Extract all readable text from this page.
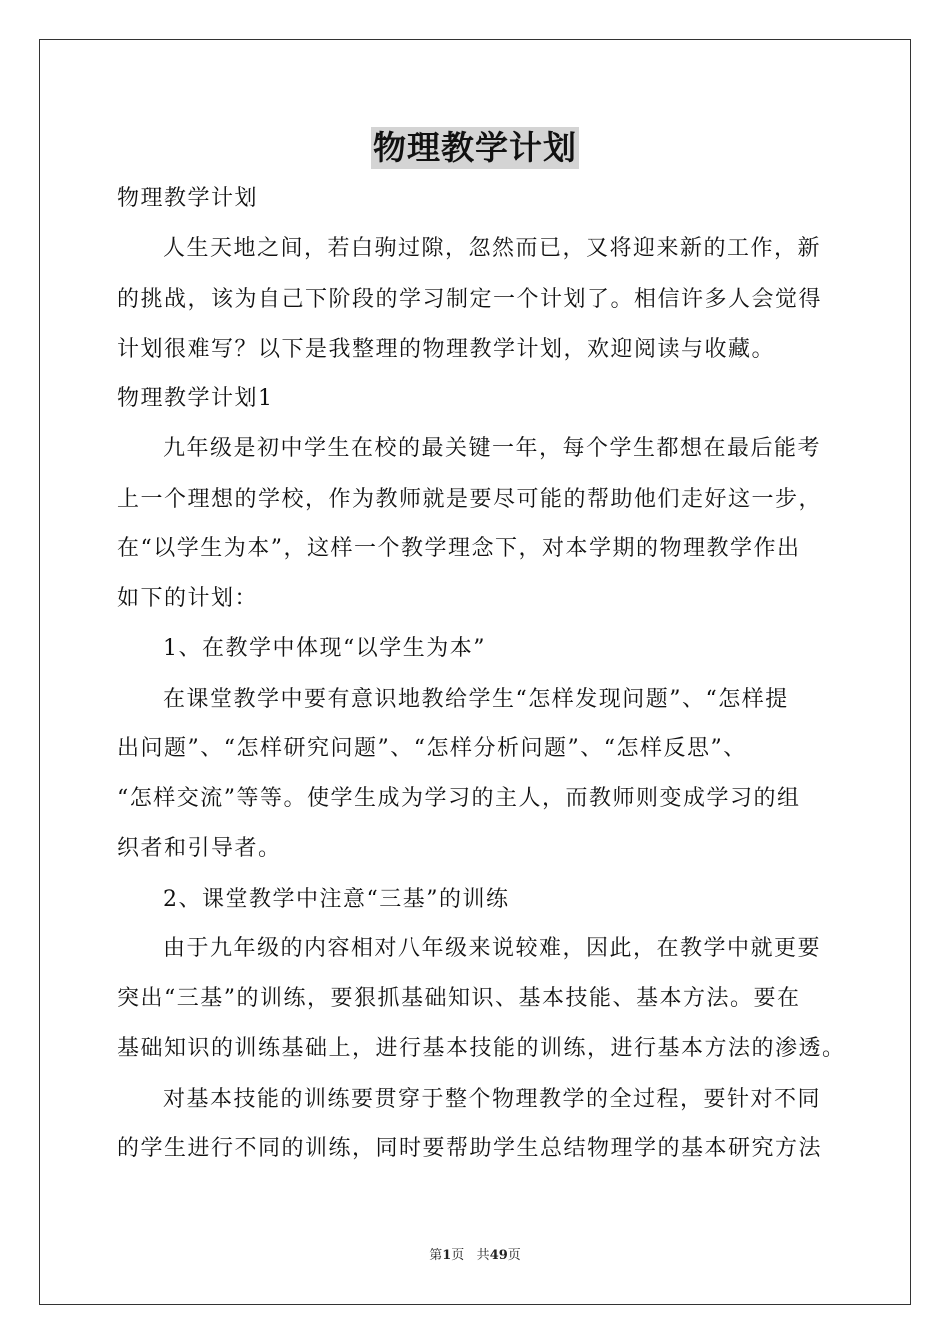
物理教学计划
物理教学计划
人生天地之间，若白驹过隙，忽然而已，又将迎来新的工作，新
的挑战，该为自己下阶段的学习制定一个计划了。相信许多人会觉得
计划很难写？以下是我整理的物理教学计划，欢迎阅读与收藏。
物理教学计划1
九年级是初中学生在校的最关键一年，每个学生都想在最后能考
上一个理想的学校，作为教师就是要尽可能的帮助他们走好这一步，
在“以学生为本”，这样一个教学理念下，对本学期的物理教学作出
如下的计划：
1、在教学中体现“以学生为本”
在课堂教学中要有意识地教给学生“怎样发现问题”、“怎样提
出问题”、“怎样研究问题”、“怎样分析问题”、“怎样反思”、
“怎样交流”等等。使学生成为学习的主人，而教师则变成学习的组
织者和引导者。
2、课堂教学中注意“三基”的训练
由于九年级的内容相对八年级来说较难，因此，在教学中就更要
突出“三基”的训练，要狠抓基础知识、基本技能、基本方法。要在
基础知识的训练基础上，进行基本技能的训练，进行基本方法的渗透。
对基本技能的训练要贯穿于整个物理教学的全过程，要针对不同
的学生进行不同的训练，同时要帮助学生总结物理学的基本研究方法
第1页 共49页
